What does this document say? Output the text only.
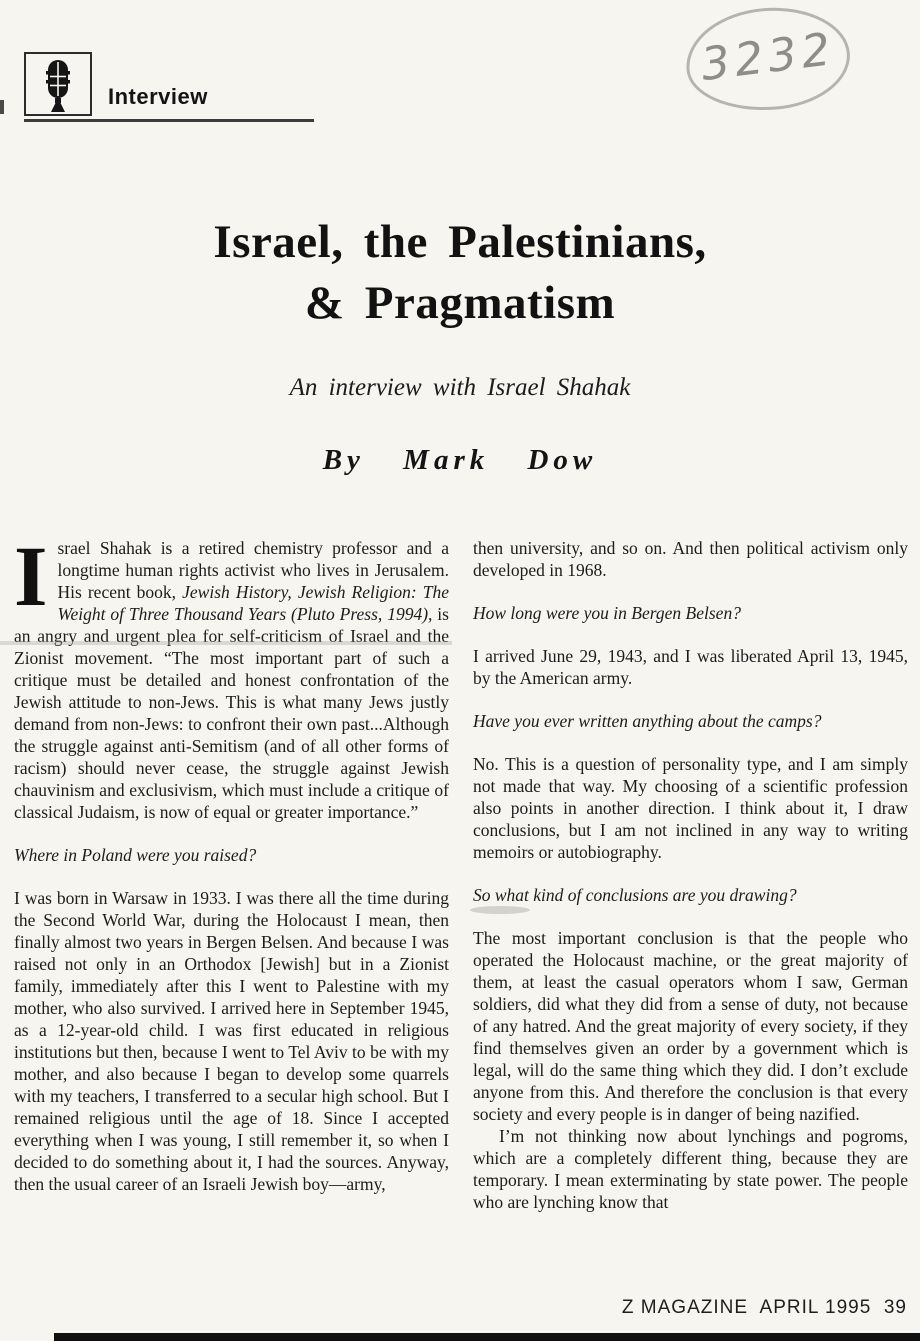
Interview
3232
Israel, the Palestinians,
& Pragmatism
An interview with Israel Shahak
By Mark Dow

Israel Shahak is a retired chemistry professor and a longtime human rights activist who lives in Jerusalem. His recent book, Jewish History, Jewish Religion: The Weight of Three Thousand Years (Pluto Press, 1994), is an angry and urgent plea for self-criticism of Israel and the Zionist movement. “The most important part of such a critique must be detailed and honest confrontation of the Jewish attitude to non-Jews. This is what many Jews justly demand from non-Jews: to confront their own past...Although the struggle against anti-Semitism (and of all other forms of racism) should never cease, the struggle against Jewish chauvinism and exclusivism, which must include a critique of classical Judaism, is now of equal or greater importance.”

Where in Poland were you raised?

I was born in Warsaw in 1933. I was there all the time during the Second World War, during the Holocaust I mean, then finally almost two years in Bergen Belsen. And because I was raised not only in an Orthodox [Jewish] but in a Zionist family, immediately after this I went to Palestine with my mother, who also survived. I arrived here in September 1945, as a 12-year-old child. I was first educated in religious institutions but then, because I went to Tel Aviv to be with my mother, and also because I began to develop some quarrels with my teachers, I transferred to a secular high school. But I remained religious until the age of 18. Since I accepted everything when I was young, I still remember it, so when I decided to do something about it, I had the sources. Anyway, then the usual career of an Israeli Jewish boy—army,

then university, and so on. And then political activism only developed in 1968.

How long were you in Bergen Belsen?

I arrived June 29, 1943, and I was liberated April 13, 1945, by the American army.

Have you ever written anything about the camps?

No. This is a question of personality type, and I am simply not made that way. My choosing of a scientific profession also points in another direction. I think about it, I draw conclusions, but I am not inclined in any way to writing memoirs or autobiography.

So what kind of conclusions are you drawing?

The most important conclusion is that the people who operated the Holocaust machine, or the great majority of them, at least the casual operators whom I saw, German soldiers, did what they did from a sense of duty, not because of any hatred. And the great majority of every society, if they find themselves given an order by a government which is legal, will do the same thing which they did. I don’t exclude anyone from this. And therefore the conclusion is that every society and every people is in danger of being nazified.

I’m not thinking now about lynchings and pogroms, which are a completely different thing, because they are temporary. I mean exterminating by state power. The people who are lynching know that

Z MAGAZINE  APRIL 1995  39
